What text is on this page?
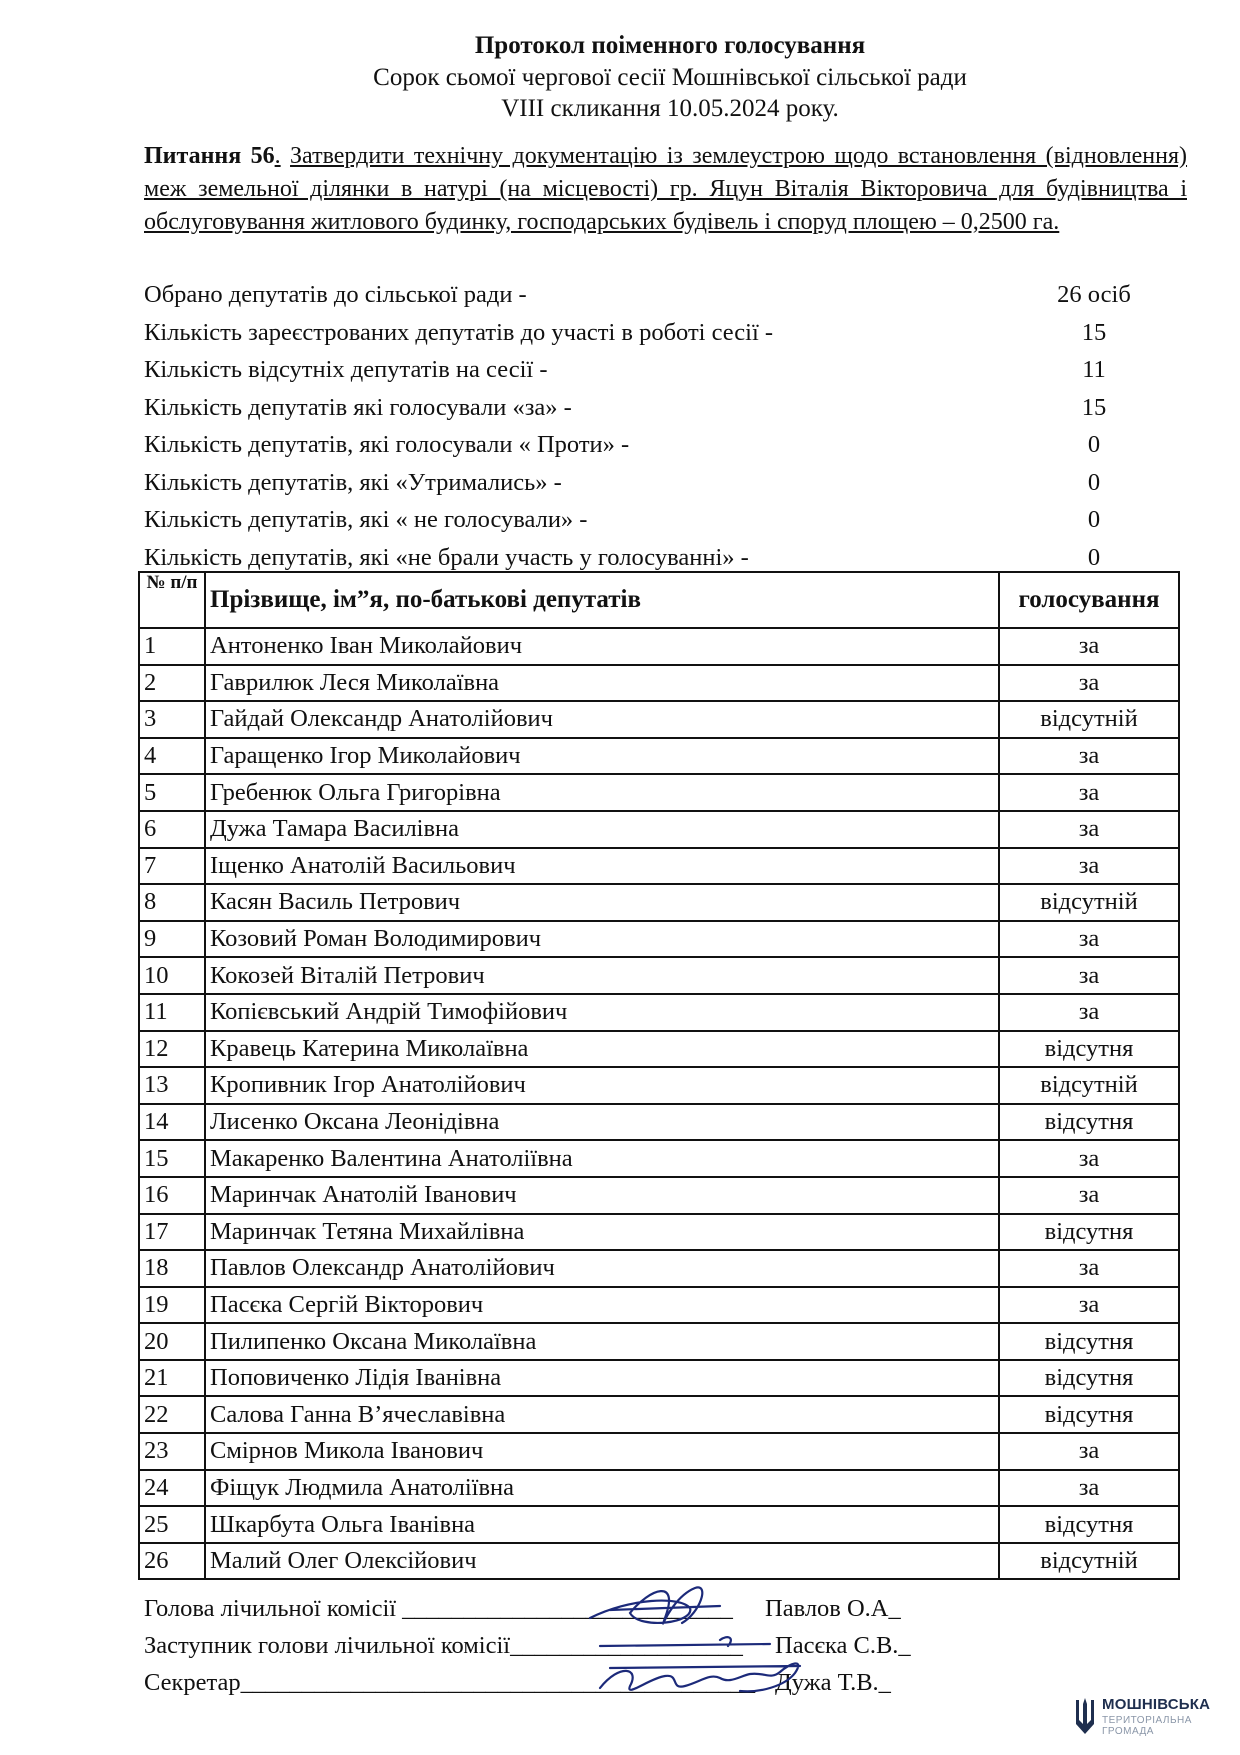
Протокол поіменного голосування
Сорок сьомої чергової сесії Мошнівської сільської ради
VIII скликання 10.05.2024 року.
Питання 56. Затвердити технічну документацію із землеустрою щодо встановлення (відновлення) меж земельної ділянки в натурі (на місцевості) гр. Яцун Віталія Вікторовича для будівництва і обслуговування житлового будинку, господарських будівель і споруд площею – 0,2500 га.
Обрано депутатів до сільської ради -	26 осіб
Кількість зареєстрованих депутатів до участі в роботі сесії -	15
Кількість відсутніх депутатів на сесії -	11
Кількість депутатів які голосували «за» -	15
Кількість депутатів, які голосували « Проти» -	0
Кількість депутатів, які «Утримались» -	0
Кількість депутатів, які « не голосували» -	0
Кількість депутатів, які «не брали участь у голосуванні» -	0
№ п/п	Прізвище, ім”я, по-батькові депутатів	голосування
1	Антоненко Іван Миколайович	за
2	Гаврилюк Леся Миколаївна	за
3	Гайдай Олександр Анатолійович	відсутній
4	Гаращенко Ігор Миколайович	за
5	Гребенюк Ольга Григорівна	за
6	Дужа Тамара Василівна	за
7	Іщенко Анатолій Васильович	за
8	Касян Василь Петрович	відсутній
9	Козовий Роман Володимирович	за
10	Кокозей Віталій Петрович	за
11	Копієвський Андрій Тимофійович	за
12	Кравець Катерина Миколаївна	відсутня
13	Кропивник Ігор Анатолійович	відсутній
14	Лисенко Оксана Леонідівна	відсутня
15	Макаренко Валентина Анатоліївна	за
16	Маринчак Анатолій Іванович	за
17	Маринчак Тетяна Михайлівна	відсутня
18	Павлов Олександр Анатолійович	за
19	Пасєка Сергій Вікторович	за
20	Пилипенко Оксана Миколаївна	відсутня
21	Поповиченко Лідія Іванівна	відсутня
22	Салова Ганна В’ячеславівна	відсутня
23	Смірнов Микола Іванович	за
24	Фіщук Людмила Анатоліївна	за
25	Шкарбута Ольга Іванівна	відсутня
26	Малий Олег Олексійович	відсутній
Голова лічильної комісії ___________________________ Павлов О.А_
Заступник голови лічильної комісії___________________ Пасєка С.В._
Секретар__________________________________________ Дужа Т.В._
МОШНІВСЬКА
ТЕРИТОРІАЛЬНА
ГРОМАДА
